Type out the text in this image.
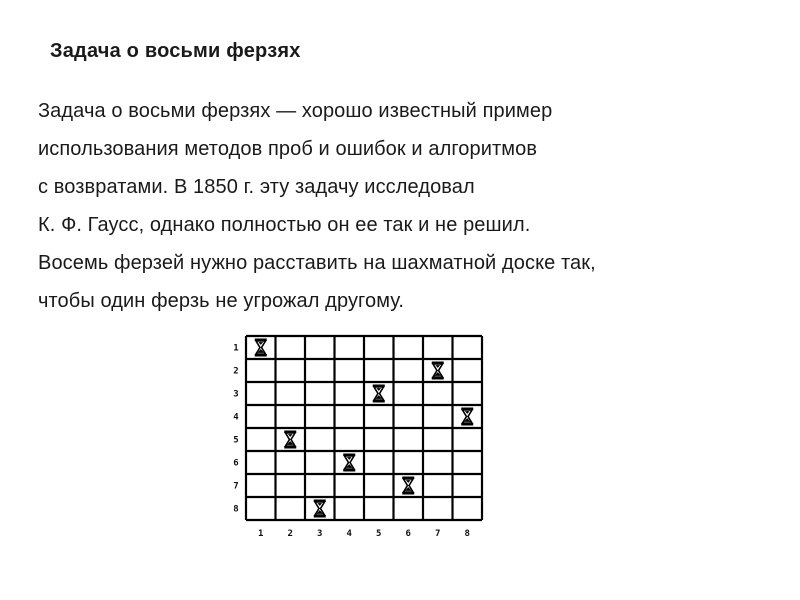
Задача о восьми ферзях

Задача о восьми ферзях — хорошо известный пример
использования методов проб и ошибок и алгоритмов
с возвратами. В 1850 г. эту задачу исследовал
К. Ф. Гаусс, однако полностью он ее так и не решил.
Восемь ферзей нужно расставить на шахматной доске так,
чтобы один ферзь не угрожал другому.

1
2
3
4
5
6
7
8
1	2	3	4	5	6	7	8
